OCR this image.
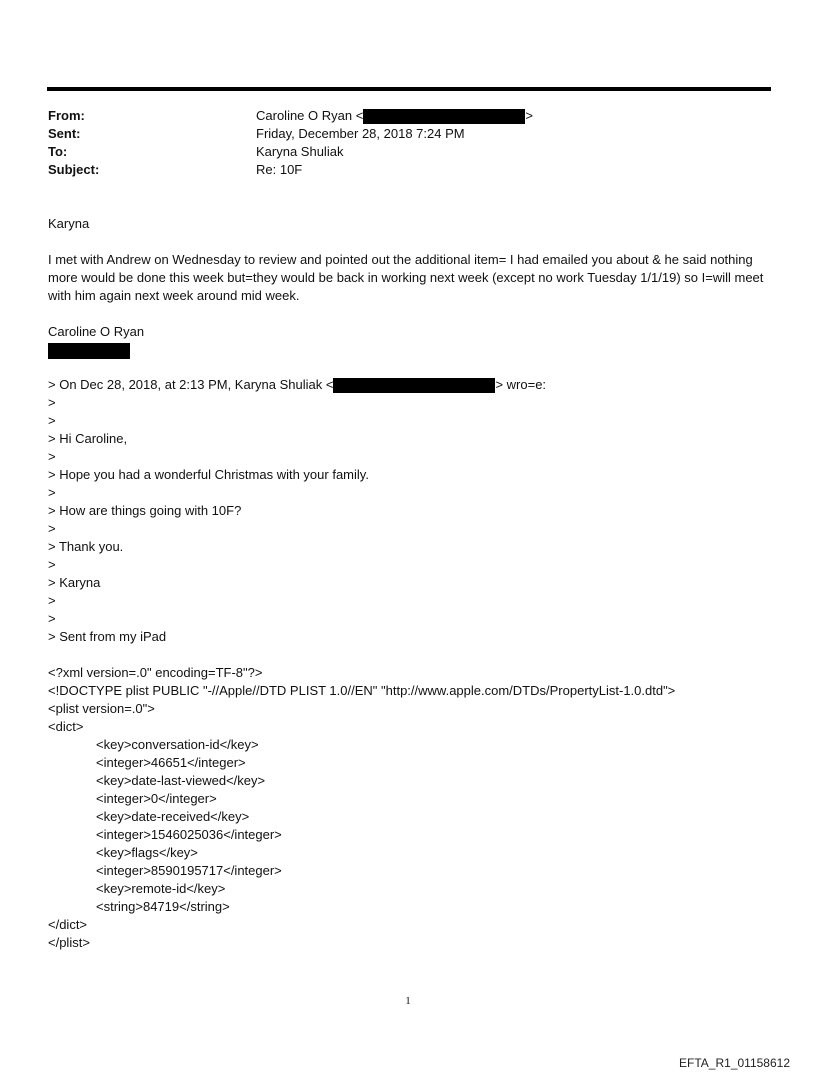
From:	Caroline O Ryan <	>
Sent:	Friday, December 28, 2018 7:24 PM
To:	Karyna Shuliak
Subject:	Re: 10F
Karyna
I met with Andrew on Wednesday to review and pointed out the additional item= I had emailed you about & he said nothing more would be done this week but=they would be back in working next week (except no work Tuesday 1/1/19) so I=will meet with him again next week around mid week.
Caroline O Ryan
> On Dec 28, 2018, at 2:13 PM, Karyna Shuliak <	> wro=e:
>
>
> Hi Caroline,
>
> Hope you had a wonderful Christmas with your family.
>
> How are things going with 10F?
>
> Thank you.
>
> Karyna
>
>
> Sent from my iPad
<?xml version=.0" encoding=TF-8"?>
<!DOCTYPE plist PUBLIC "-//Apple//DTD PLIST 1.0//EN" "http://www.apple.com/DTDs/PropertyList-1.0.dtd">
<plist version=.0">
<dict>
<key>conversation-id</key>
<integer>46651</integer>
<key>date-last-viewed</key>
<integer>0</integer>
<key>date-received</key>
<integer>1546025036</integer>
<key>flags</key>
<integer>8590195717</integer>
<key>remote-id</key>
<string>84719</string>
</dict>
</plist>
1
EFTA_R1_01158612
